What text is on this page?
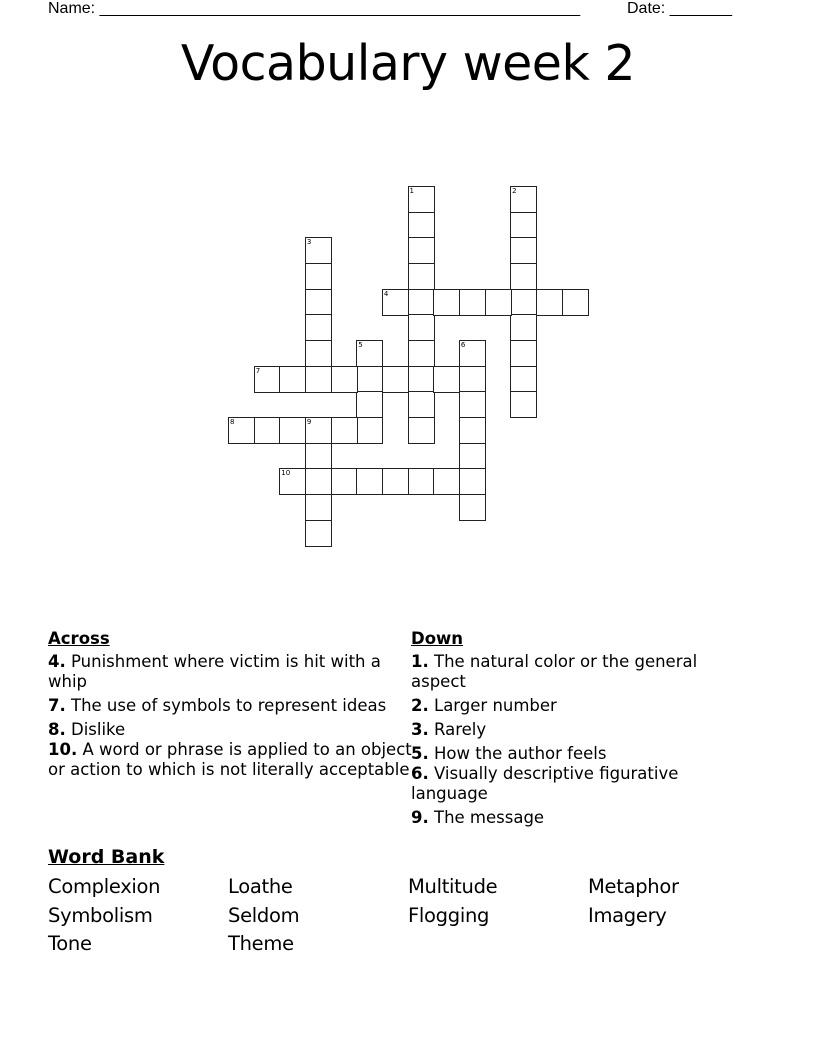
Name: ______________________________________________________	Date: _______
Vocabulary week 2
1	2
3
4
5	6
7
8	9
10
Across
4. Punishment where victim is hit with a whip
7. The use of symbols to represent ideas
8. Dislike
10. A word or phrase is applied to an object or action to which is not literally acceptable
Down
1. The natural color or the general aspect
2. Larger number
3. Rarely
5. How the author feels
6. Visually descriptive figurative language
9. The message
Word Bank
Complexion	Loathe	Multitude	Metaphor
Symbolism	Seldom	Flogging	Imagery
Tone	Theme
